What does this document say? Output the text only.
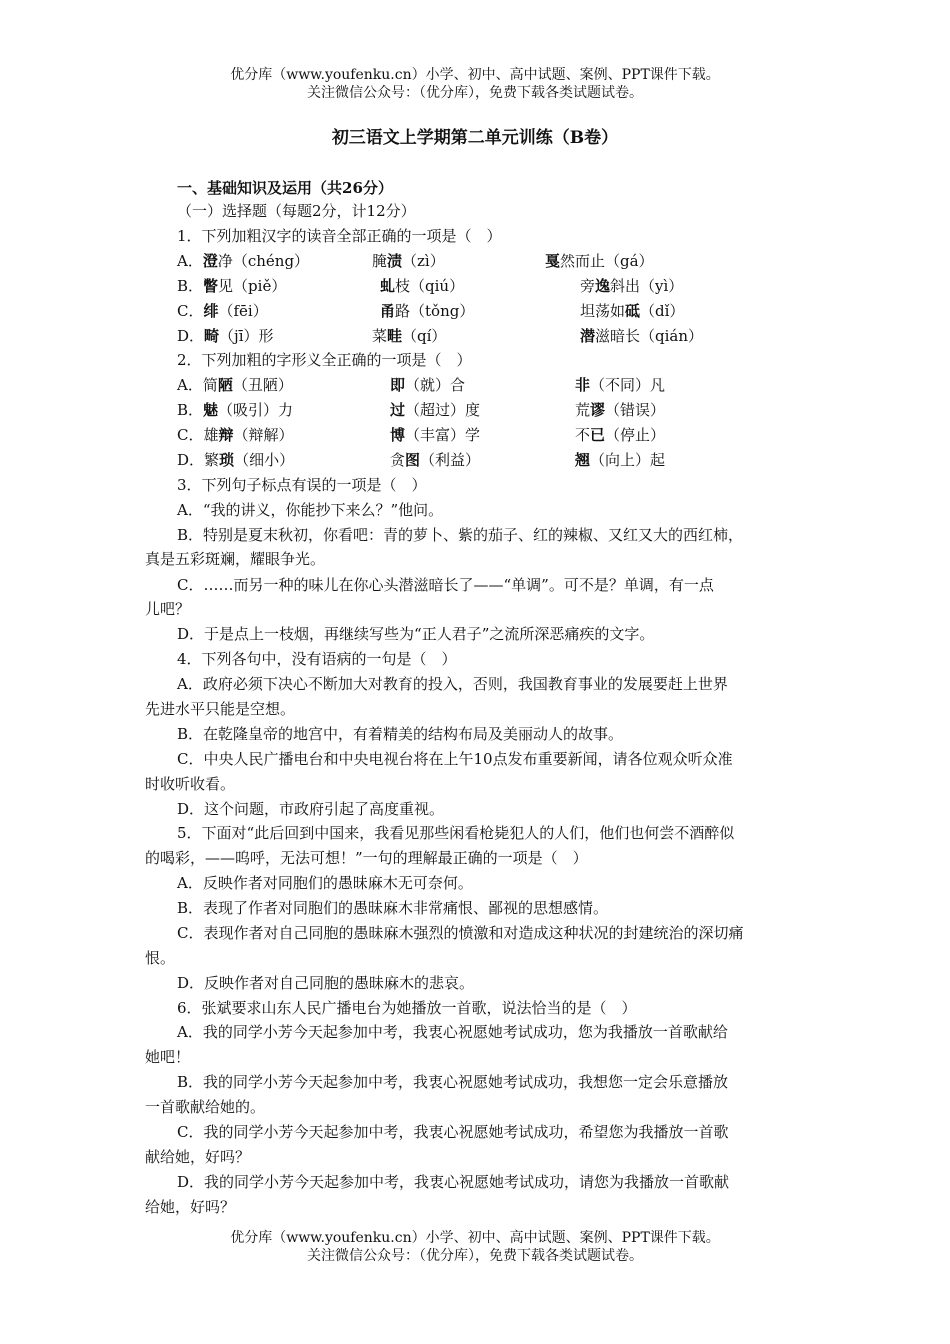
优分库（www.youfenku.cn）小学、初中、高中试题、案例、PPT课件下载。
关注微信公众号：（优分库），免费下载各类试题试卷。
初三语文上学期第二单元训练（B卷）
一、基础知识及运用（共26分）
（一）选择题（每题2分，计12分）
1．下列加粗汉字的读音全部正确的一项是（　）
A．澄净（chéng）	腌渍（zì）	戛然而止（gá）
B．瞥见（piě）	虬枝（qiú）	旁逸斜出（yì）
C．绯（fēi）	甬路（tǒng）	坦荡如砥（dǐ）
D．畸（jī）形	菜畦（qí）	潜滋暗长（qián）
2．下列加粗的字形义全正确的一项是（　）
A．简陋（丑陋）	即（就）合	非（不同）凡
B．魅（吸引）力	过（超过）度	荒谬（错误）
C．雄辩（辩解）	博（丰富）学	不已（停止）
D．繁琐（细小）	贪图（利益）	翘（向上）起
3．下列句子标点有误的一项是（　）
A．“我的讲义，你能抄下来么？”他问。
B．特别是夏末秋初，你看吧：青的萝卜、紫的茄子、红的辣椒、又红又大的西红柿，
真是五彩斑斓，耀眼争光。
C．……而另一种的味儿在你心头潜滋暗长了——“单调”。可不是？单调，有一点
儿吧？
D．于是点上一枝烟，再继续写些为“正人君子”之流所深恶痛疾的文字。
4．下列各句中，没有语病的一句是（　）
A．政府必须下决心不断加大对教育的投入，否则，我国教育事业的发展要赶上世界
先进水平只能是空想。
B．在乾隆皇帝的地宫中，有着精美的结构布局及美丽动人的故事。
C．中央人民广播电台和中央电视台将在上午10点发布重要新闻，请各位观众听众准
时收听收看。
D．这个问题，市政府引起了高度重视。
5．下面对“此后回到中国来，我看见那些闲看枪毙犯人的人们，他们也何尝不酒醉似
的喝彩，——呜呼，无法可想！”一句的理解最正确的一项是（　）
A．反映作者对同胞们的愚昧麻木无可奈何。
B．表现了作者对同胞们的愚昧麻木非常痛恨、鄙视的思想感情。
C．表现作者对自己同胞的愚昧麻木强烈的愤激和对造成这种状况的封建统治的深切痛
恨。
D．反映作者对自己同胞的愚昧麻木的悲哀。
6．张斌要求山东人民广播电台为她播放一首歌，说法恰当的是（　）
A．我的同学小芳今天起参加中考，我衷心祝愿她考试成功，您为我播放一首歌献给
她吧！
B．我的同学小芳今天起参加中考，我衷心祝愿她考试成功，我想您一定会乐意播放
一首歌献给她的。
C．我的同学小芳今天起参加中考，我衷心祝愿她考试成功，希望您为我播放一首歌
献给她，好吗？
D．我的同学小芳今天起参加中考，我衷心祝愿她考试成功，请您为我播放一首歌献
给她，好吗？
优分库（www.youfenku.cn）小学、初中、高中试题、案例、PPT课件下载。
关注微信公众号：（优分库），免费下载各类试题试卷。
